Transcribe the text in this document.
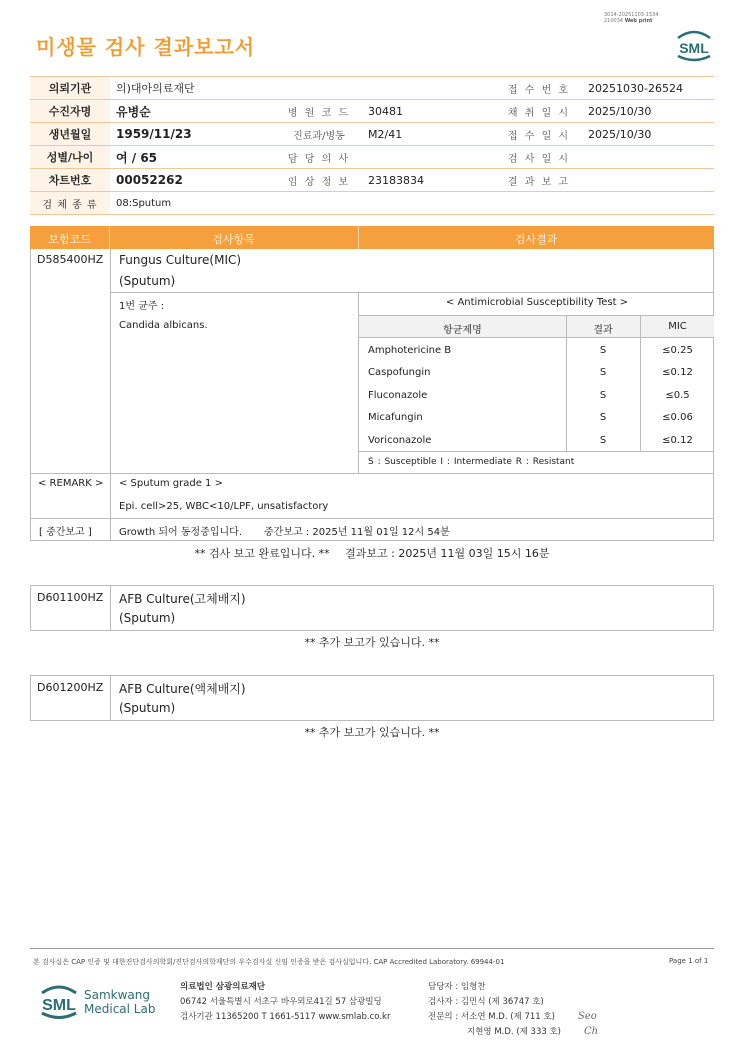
3014-20251103-1534
210034 Web print
미생물 검사 결과보고서	SML
의뢰기관	의)대아의료재단			접 수 번 호	20251030-26524
수진자명	유병순	병 원 코 드	30481	채 취 일 시	2025/10/30
생년월일	1959/11/23	진료과/병동	M2/41	접 수 일 시	2025/10/30
성별/나이	여 / 65	담 당 의 사		검 사 일 시	
차트번호	00052262	임 상 정 보	23183834	결 과 보 고	
검 체 종 류	08:Sputum				
보험코드	검사항목	검사결과
D585400HZ Fungus Culture(MIC)
(Sputum)
1번 균주 :
Candida albicans.
< Antimicrobial Susceptibility Test >
항균제명	결과	MIC
Amphotericine B	S	≤0.25
Caspofungin	S	≤0.12
Fluconazole	S	≤0.5
Micafungin	S	≤0.06
Voriconazole	S	≤0.12
S : Susceptible I : Intermediate R : Resistant
< REMARK > < Sputum grade 1 >
Epi. cell>25, WBC<10/LPF, unsatisfactory
[ 중간보고 ]	Growth 되어 동정중입니다. 중간보고 : 2025년 11월 01일 12시 54분
** 검사 보고 완료입니다. ** 결과보고 : 2025년 11월 03일 15시 16분
D601100HZ AFB Culture(고체배지)
(Sputum)
** 추가 보고가 있습니다. **
D601200HZ AFB Culture(액체배지)
(Sputum)
** 추가 보고가 있습니다. **
본 검사실은 CAP 인증 및 대한진단검사의학회/진단검사의학재단의 우수검사실 신임 인증을 받은 검사실입니다. CAP Accredited Laboratory. 69944-01	Page 1 of 1
SML
Samkwang
Medical Lab
의료법인 삼광의료재단
06742 서울특별시 서초구 바우뫼로41길 57 삼광빌딩
검사기관 11365200 T 1661-5117 www.smlab.co.kr
담당자 : 임형찬
검사자 : 김민식 (제 36747 호)
전문의 : 서소연 M.D. (제 711 호)
지현영 M.D. (제 333 호)
Seo
Ch
